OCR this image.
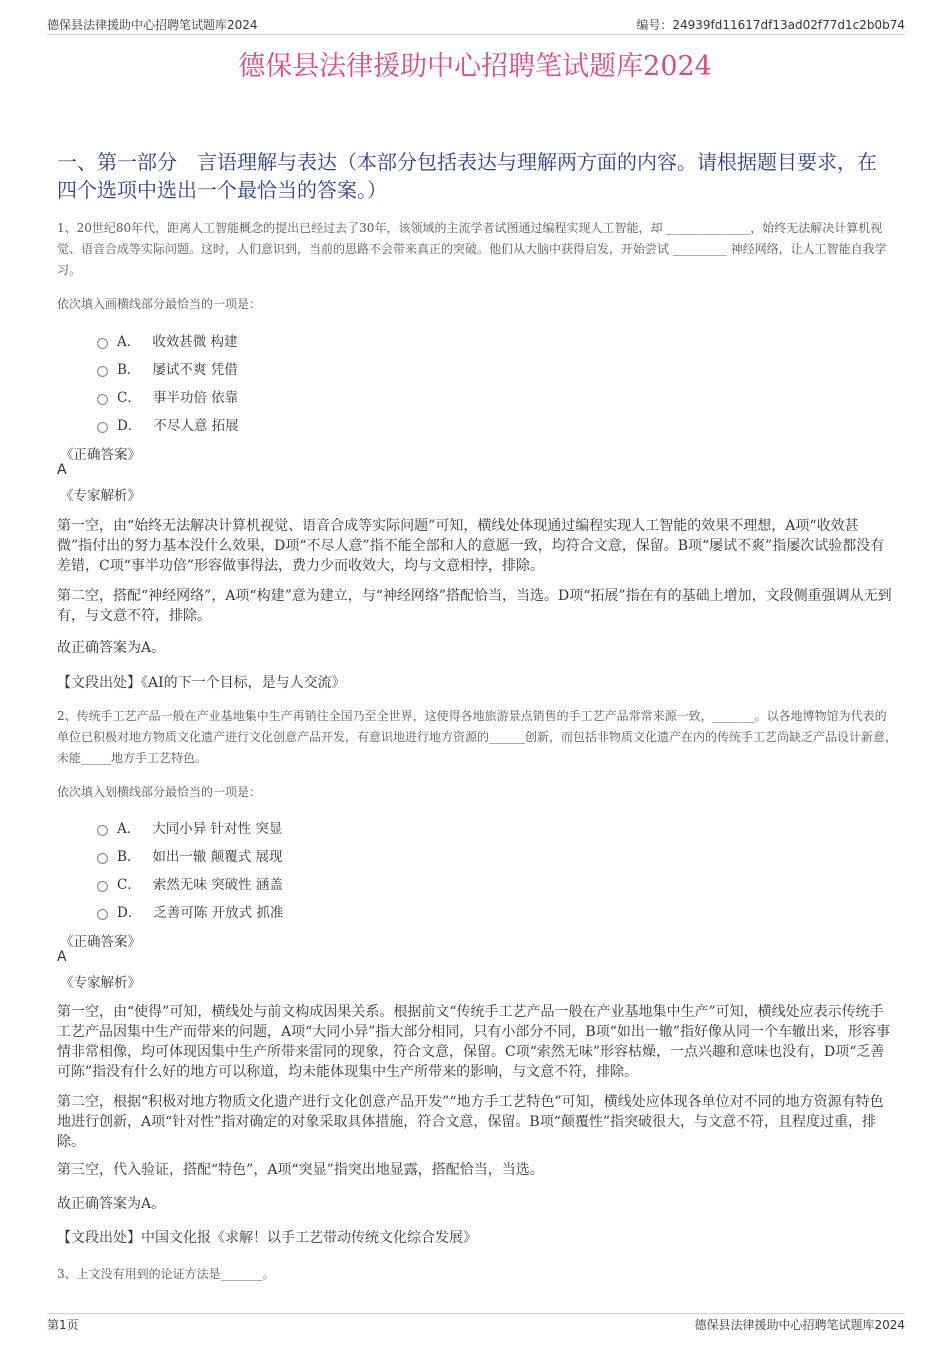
德保县法律援助中心招聘笔试题库2024	编号：24939fd11617df13ad02f77d1c2b0b74
德保县法律援助中心招聘笔试题库2024
一、第一部分　言语理解与表达（本部分包括表达与理解两方面的内容。请根据题目要求，在四个选项中选出一个最恰当的答案。）
1、20世纪80年代，距离人工智能概念的提出已经过去了30年，该领域的主流学者试图通过编程实现人工智能，却 ______________，始终无法解决计算机视觉、语音合成等实际问题。这时，人们意识到，当前的思路不会带来真正的突破。他们从大脑中获得启发，开始尝试 _________ 神经网络，让人工智能自我学习。
依次填入画横线部分最恰当的一项是：
A． 收效甚微 构建
B． 屡试不爽 凭借
C． 事半功倍 依靠
D． 不尽人意 拓展
《正确答案》
A
《专家解析》
第一空，由“始终无法解决计算机视觉、语音合成等实际问题”可知，横线处体现通过编程实现人工智能的效果不理想，A项“收效甚微”指付出的努力基本没什么效果，D项“不尽人意”指不能全部和人的意愿一致，均符合文意，保留。B项“屡试不爽”指屡次试验都没有差错，C项“事半功倍”形容做事得法，费力少而收效大，均与文意相悖，排除。
第二空，搭配“神经网络”，A项“构建”意为建立，与“神经网络”搭配恰当，当选。D项“拓展”指在有的基础上增加，文段侧重强调从无到有，与文意不符，排除。
故正确答案为A。
【文段出处】《AI的下一个目标，是与人交流》
2、传统手工艺产品一般在产业基地集中生产再销往全国乃至全世界，这使得各地旅游景点销售的手工艺产品常常来源一致，_______。以各地博物馆为代表的单位已积极对地方物质文化遗产进行文化创意产品开发，有意识地进行地方资源的______创新，而包括非物质文化遗产在内的传统手工艺尚缺乏产品设计新意，未能_____地方手工艺特色。
依次填入划横线部分最恰当的一项是：
A． 大同小异 针对性 突显
B． 如出一辙 颠覆式 展现
C． 索然无味 突破性 涵盖
D． 乏善可陈 开放式 抓准
《正确答案》
A
《专家解析》
第一空，由“使得”可知，横线处与前文构成因果关系。根据前文“传统手工艺产品一般在产业基地集中生产”可知，横线处应表示传统手工艺产品因集中生产而带来的问题，A项“大同小异”指大部分相同，只有小部分不同，B项“如出一辙”指好像从同一个车辙出来，形容事情非常相像，均可体现因集中生产所带来雷同的现象，符合文意，保留。C项“索然无味”形容枯燥，一点兴趣和意味也没有，D项“乏善可陈”指没有什么好的地方可以称道，均未能体现集中生产所带来的影响，与文意不符，排除。
第二空，根据“积极对地方物质文化遗产进行文化创意产品开发”“地方手工艺特色”可知，横线处应体现各单位对不同的地方资源有特色地进行创新，A项“针对性”指对确定的对象采取具体措施，符合文意，保留。B项“颠覆性”指突破很大，与文意不符，且程度过重，排除。
第三空，代入验证，搭配“特色”，A项“突显”指突出地显露，搭配恰当，当选。
故正确答案为A。
【文段出处】中国文化报《求解！以手工艺带动传统文化综合发展》
3、上文没有用到的论证方法是_______。
第1页	德保县法律援助中心招聘笔试题库2024
